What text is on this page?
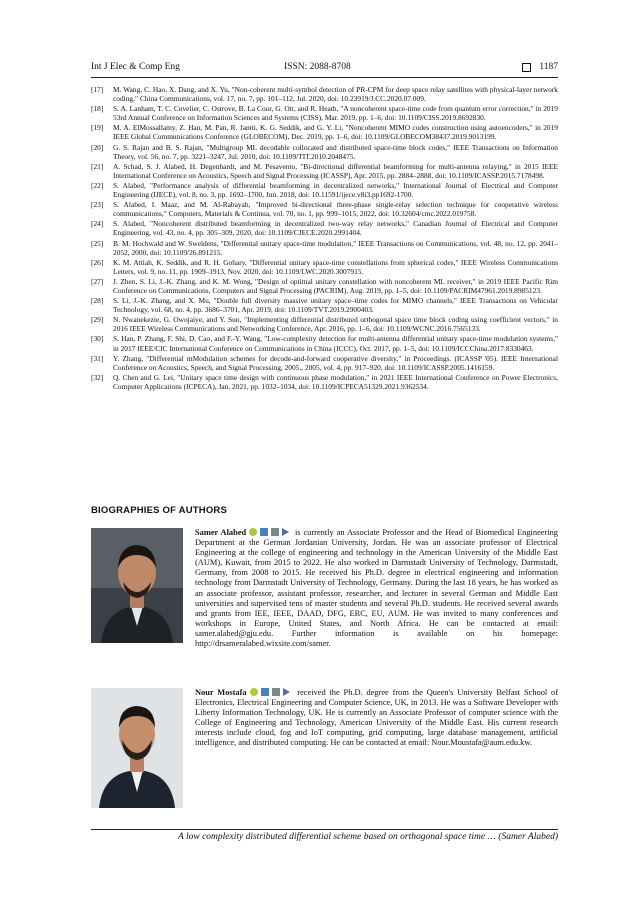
Int J Elec & Comp Eng	ISSN: 2088-8708	1187
[17]	M. Wang, C. Hao, X. Dang, and X. Yu, "Non-coherent multi-symbol detection of PR-CPM for deep space relay satellites with physical-layer network coding," China Communications, vol. 17, no. 7, pp. 101–112, Jul. 2020, doi: 10.23919/J.CC.2020.07.009.
[18]	S. A. Lanham, T. C. Cuvelier, C. Ostrove, B. La Cour, G. Ott, and R. Heath, "A noncoherent space-time code from quantum error correction," in 2019 53rd Annual Conference on Information Sciences and Systems (CISS), Mar. 2019, pp. 1–6, doi: 10.1109/CISS.2019.8692830.
[19]	M. A. ElMossallamy, Z. Han, M. Pan, R. Jantti, K. G. Seddik, and G. Y. Li, "Noncoherent MIMO codes construction using autoencoders," in 2019 IEEE Global Communications Conference (GLOBECOM), Dec. 2019, pp. 1–6, doi: 10.1109/GLOBECOM38437.2019.9013199.
[20]	G. S. Rajan and B. S. Rajan, "Multigroup ML decodable collocated and distributed space-time block codes," IEEE Transactions on Information Theory, vol. 56, no. 7, pp. 3221–3247, Jul. 2010, doi: 10.1109/TIT.2010.2048475.
[21]	A. Schad, S. J. Alabed, H. Degenhardt, and M. Pesavento, "Bi-directional differential beamforming for multi-antenna relaying," in 2015 IEEE International Conference on Acoustics, Speech and Signal Processing (ICASSP), Apr. 2015, pp. 2884–2888, doi: 10.1109/ICASSP.2015.7178498.
[22]	S. Alabed, "Performance analysis of differential beamforming in decentralized networks," International Journal of Electrical and Computer Engineering (IJECE), vol. 8, no. 3, pp. 1692–1700, Jun. 2018, doi: 10.11591/ijece.v8i3.pp1692-1700.
[23]	S. Alabed, I. Maaz, and M. Al-Rabayah, "Improved bi-directional three-phase single-relay selection technique for cooperative wireless communications," Computers, Materials & Continua, vol. 70, no. 1, pp. 999–1015, 2022, doi: 10.32604/cmc.2022.019758.
[24]	S. Alabed, "Noncoherent distributed beamforming in decentralized two-way relay networks," Canadian Journal of Electrical and Computer Engineering, vol. 43, no. 4, pp. 305–309, 2020, doi: 10.1109/CJECE.2020.2991404.
[25]	B. M. Hochwald and W. Sweldens, "Differential unitary space-time modulation," IEEE Transactions on Communications, vol. 48, no. 12, pp. 2041–2052, 2000, doi: 10.1109/26.891215.
[26]	K. M. Attiah, K. Seddik, and R. H. Gohary, "Differential unitary space-time constellations from spherical codes," IEEE Wireless Communications Letters, vol. 9, no. 11, pp. 1909–1913, Nov. 2020, doi: 10.1109/LWC.2020.3007915.
[27]	J. Zhen, S. Li, J.-K. Zhang, and K. M. Wong, "Design of optimal unitary constellation with noncoherent ML receiver," in 2019 IEEE Pacific Rim Conference on Communications, Computers and Signal Processing (PACRIM), Aug. 2019, pp. 1–5, doi: 10.1109/PACRIM47961.2019.8985123.
[28]	S. Li, J.-K. Zhang, and X. Mu, "Double full diversity massive unitary space–time codes for MIMO channels," IEEE Transactions on Vehicular Technology, vol. 68, no. 4, pp. 3686–3701, Apr. 2019, doi: 10.1109/TVT.2019.2900403.
[29]	N. Nwanekezie, G. Owojaiye, and Y. Sun, "Implementing differential distributed orthogonal space time block coding using coefficient vectors," in 2016 IEEE Wireless Communications and Networking Conference, Apr. 2016, pp. 1–6, doi: 10.1109/WCNC.2016.7565133.
[30]	S. Han, P. Zhang, F. Shi, D. Cao, and F.-Y. Wang, "Low-complexity detection for multi-antenna differential unitary space-time modulation systems," in 2017 IEEE/CIC International Conference on Communications in China (ICCC), Oct. 2017, pp. 1–5, doi: 10.1109/ICCChina.2017.8330463.
[31]	Y. Zhang, "Differential mModulation schemes for decode-and-forward cooperative diversity," in Proceedings. (ICASSP '05). IEEE International Conference on Acoustics, Speech, and Signal Processing, 2005., 2005, vol. 4, pp. 917–920, doi: 10.1109/ICASSP.2005.1416159.
[32]	Q. Chen and G. Lei, "Unitary space time design with continuous phase modulation," in 2021 IEEE International Conference on Power Electronics, Computer Applications (ICPECA), Jan. 2021, pp. 1032–1034, doi: 10.1109/ICPECA51329.2021.9362534.
BIOGRAPHIES OF AUTHORS
Samer Alabed	is currently an Associate Professor and the Head of Biomedical Engineering Department at the German Jordanian University, Jordan. He was an associate professor of Electrical Engineering at the college of engineering and technology in the American University of the Middle East (AUM), Kuwait, from 2015 to 2022. He also worked in Darmstadt University of Technology, Darmstadt, Germany, from 2008 to 2015. He received his Ph.D. degree in electrical engineering and information technology from Darmstadt University of Technology, Germany. During the last 18 years, he has worked as an associate professor, assistant professor, researcher, and lecturer in several German and Middle East universities and supervised tens of master students and several Ph.D. students. He received several awards and grants from IEE, IEEE, DAAD, DFG, ERC, EU, AUM. He was invited to many conferences and workshops in Europe, United States, and North Africa. He can be contacted at email: samer.alabed@gju.edu. Further information is available on his homepage: http://drsameralabed.wixsite.com/samer.
Nour Mostafa	received the Ph.D. degree from the Queen's University Belfast School of Electronics, Electrical Engineering and Computer Science, UK, in 2013. He was a Software Developer with Liberty Information Technology, UK. He is currently an Associate Professor of computer science with the College of Engineering and Technology, American University of the Middle East. His current research interests include cloud, fog and IoT computing, grid computing, large database management, artificial intelligence, and distributed computing. He can be contacted at email: Nour.Moustafa@aum.edu.kw.
A low complexity distributed differential scheme based on orthogonal space time … (Samer Alabed)
